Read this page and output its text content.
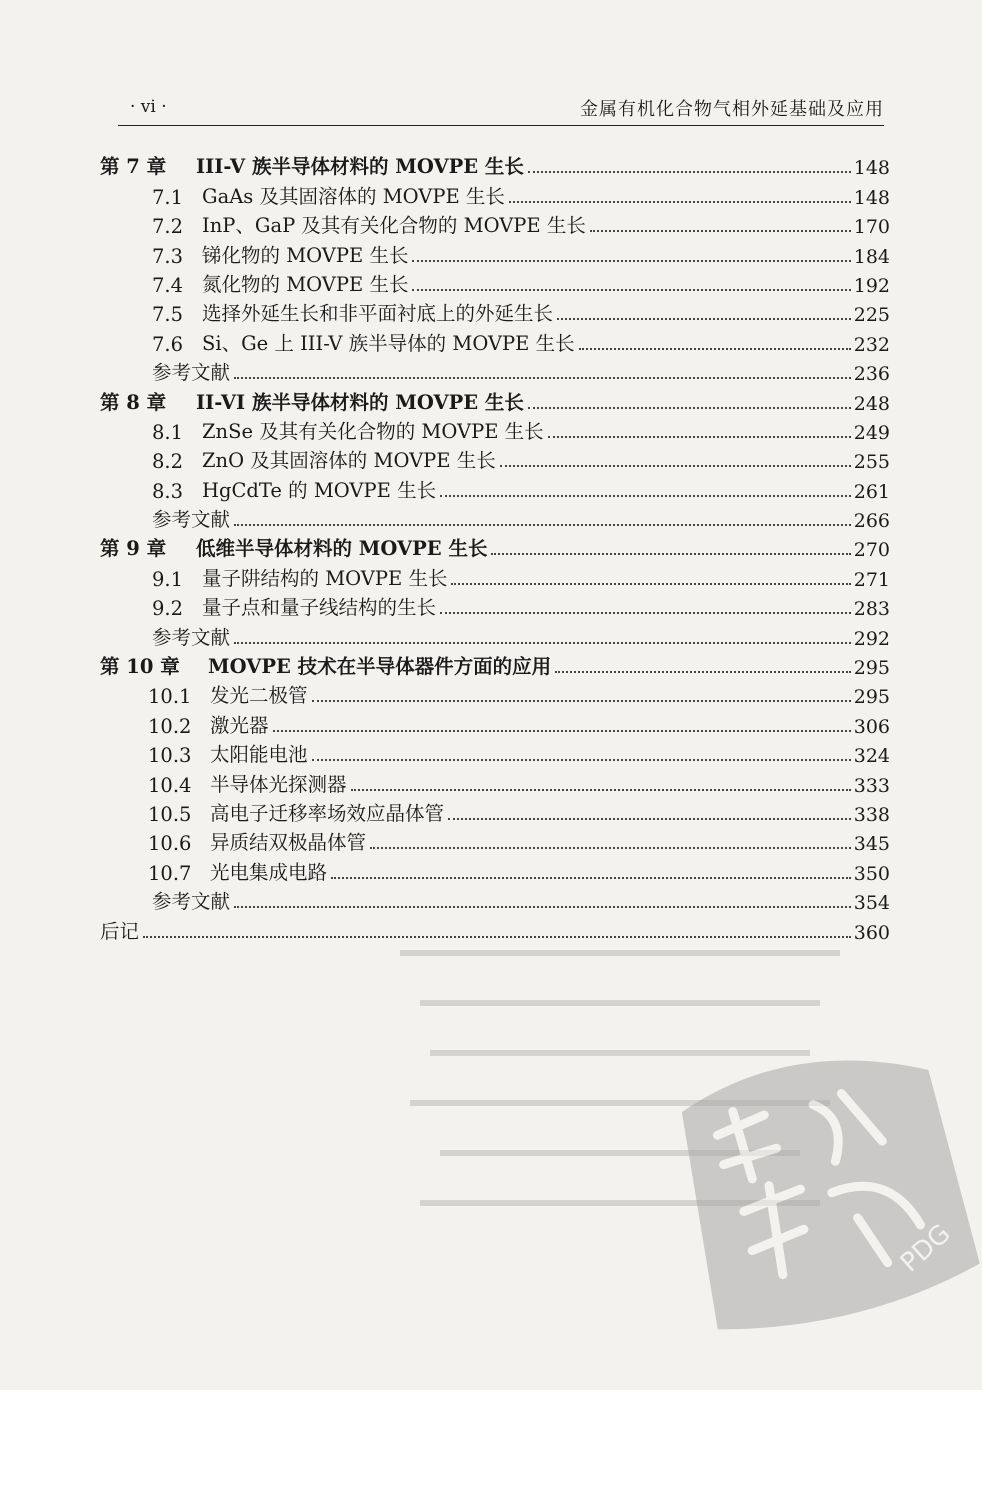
· vi ·	金属有机化合物气相外延基础及应用
第 7 章	III-V 族半导体材料的 MOVPE 生长	148
7.1 GaAs 及其固溶体的 MOVPE 生长	148
7.2 InP、GaP 及其有关化合物的 MOVPE 生长	170
7.3 锑化物的 MOVPE 生长	184
7.4 氮化物的 MOVPE 生长	192
7.5 选择外延生长和非平面衬底上的外延生长	225
7.6 Si、Ge 上 III-V 族半导体的 MOVPE 生长	232
参考文献	236
第 8 章	II-VI 族半导体材料的 MOVPE 生长	248
8.1 ZnSe 及其有关化合物的 MOVPE 生长	249
8.2 ZnO 及其固溶体的 MOVPE 生长	255
8.3 HgCdTe 的 MOVPE 生长	261
参考文献	266
第 9 章	低维半导体材料的 MOVPE 生长	270
9.1 量子阱结构的 MOVPE 生长	271
9.2 量子点和量子线结构的生长	283
参考文献	292
第 10 章	MOVPE 技术在半导体器件方面的应用	295
10.1 发光二极管	295
10.2 激光器	306
10.3 太阳能电池	324
10.4 半导体光探测器	333
10.5 高电子迁移率场效应晶体管	338
10.6 异质结双极晶体管	345
10.7 光电集成电路	350
参考文献	354
后记	360
PDG
